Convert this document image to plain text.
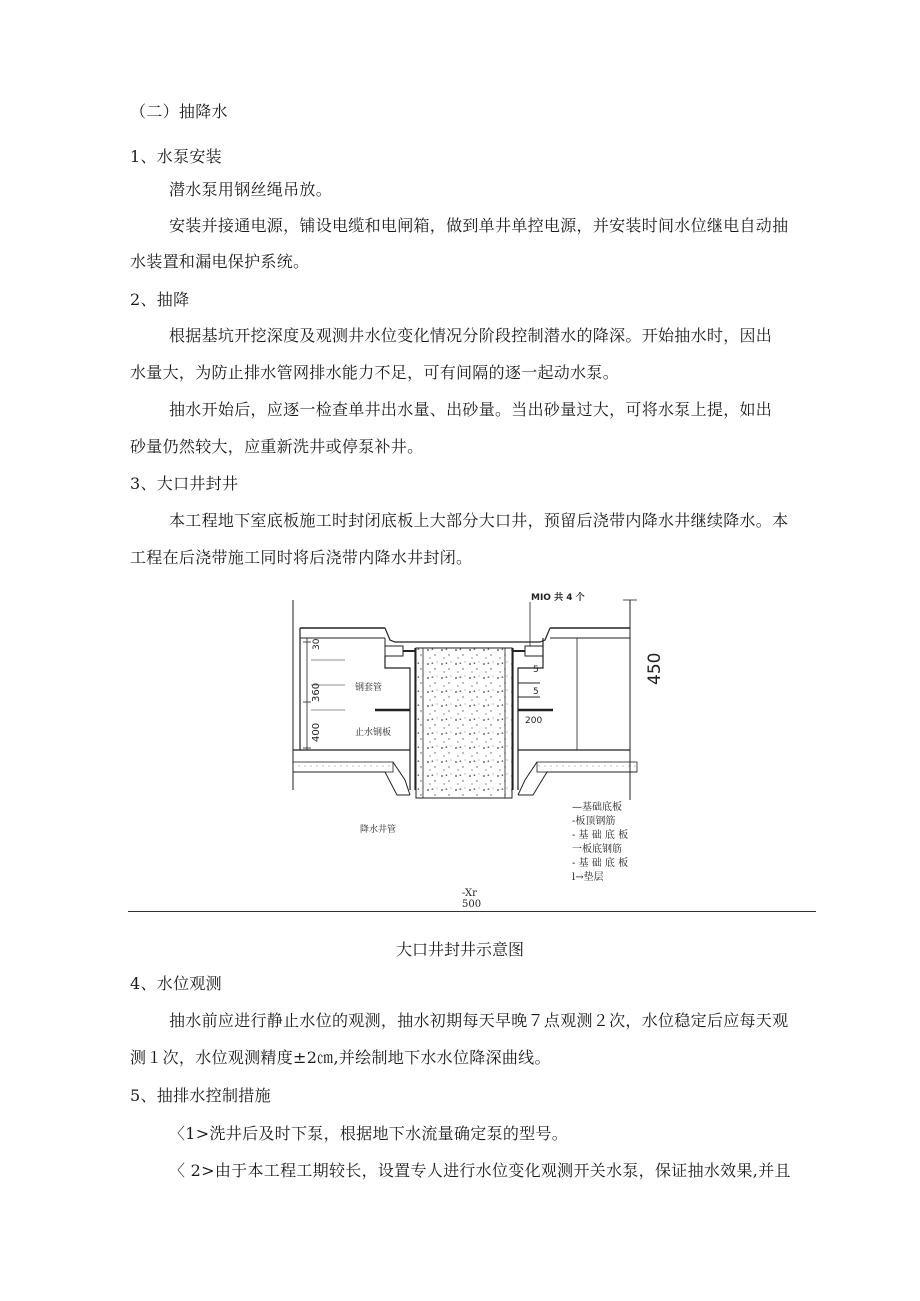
（二）抽降水
1、水泵安装
潜水泵用钢丝绳吊放。
安装并接通电源，铺设电缆和电闸箱，做到单井单控电源，并安装时间水位继电自动抽
水装置和漏电保护系统。
2、抽降
根据基坑开挖深度及观测井水位变化情况分阶段控制潜水的降深。开始抽水时，因出
水量大，为防止排水管网排水能力不足，可有间隔的逐一起动水泵。
抽水开始后，应逐一检查单井出水量、出砂量。当出砂量过大，可将水泵上提，如出
砂量仍然较大，应重新洗井或停泵补井。
3、大口井封井
本工程地下室底板施工时封闭底板上大部分大口井，预留后浇带内降水井继续降水。本
工程在后浇带施工同时将后浇带内降水井封闭。
MIO 共 4 个
450
30
360
400
200
5
5
钢套管
止水钢板
降水井管
—基础底板
-板顶钢筋
- 基 础 底 板
一板底钢筋
- 基 础 底 板
l→垫层
-Xr
500
大口井封井示意图
4、水位观测
抽水前应进行静止水位的观测，抽水初期每天早晚７点观测２次，水位稳定后应每天观
测１次，水位观测精度±2㎝,并绘制地下水水位降深曲线。
5、抽排水控制措施
〈1>洗井后及时下泵，根据地下水流量确定泵的型号。
〈 2>由于本工程工期较长，设置专人进行水位变化观测开关水泵，保证抽水效果,并且
